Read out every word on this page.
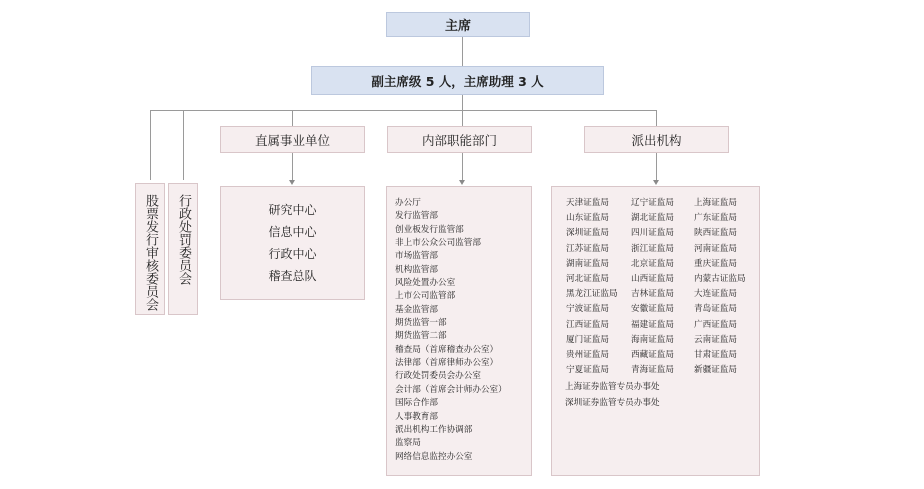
主席
副主席级 5 人，主席助理 3 人
股票发行审核委员会 行政处罚委员会
直属事业单位	内部职能部门	派出机构
研究中心
信息中心
行政中心
稽查总队
办公厅
发行监管部
创业板发行监管部
非上市公众公司监管部
市场监管部
机构监管部
风险处置办公室
上市公司监管部
基金监管部
期货监管一部
期货监管二部
稽查局（首席稽查办公室）
法律部（首席律师办公室）
行政处罚委员会办公室
会计部（首席会计师办公室）
国际合作部
人事教育部
派出机构工作协调部
监察局
网络信息监控办公室
天津证监局
山东证监局
深圳证监局
江苏证监局
湖南证监局
河北证监局
黑龙江证监局
宁波证监局
江西证监局
厦门证监局
贵州证监局
宁夏证监局
辽宁证监局
湖北证监局
四川证监局
浙江证监局
北京证监局
山西证监局
吉林证监局
安徽证监局
福建证监局
海南证监局
西藏证监局
青海证监局
上海证监局
广东证监局
陕西证监局
河南证监局
重庆证监局
内蒙古证监局
大连证监局
青岛证监局
广西证监局
云南证监局
甘肃证监局
新疆证监局
上海证券监管专员办事处
深圳证券监管专员办事处
